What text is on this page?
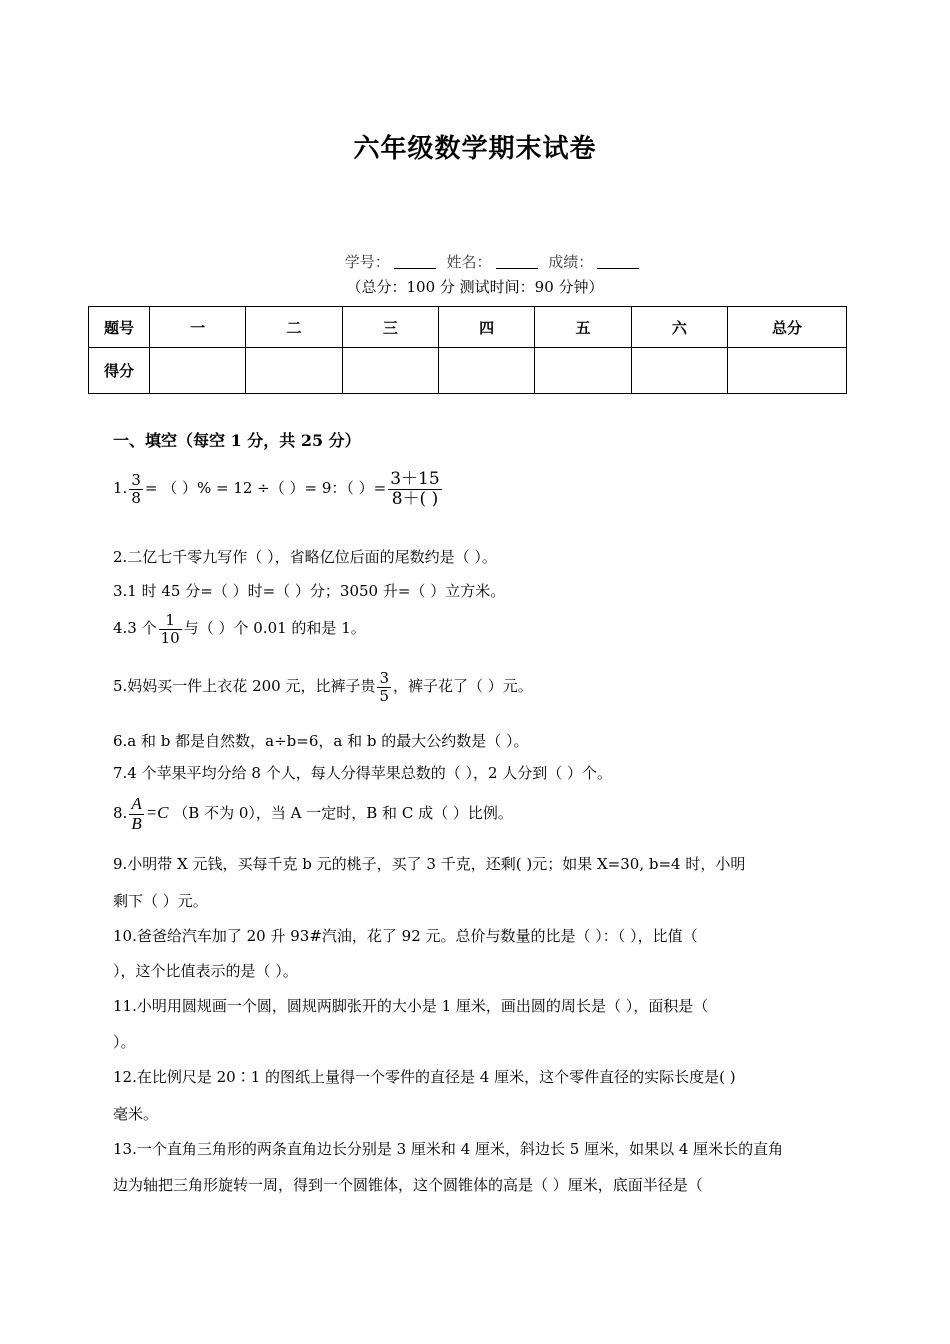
六年级数学期末试卷
学号：	姓名：	成绩：
（总分：100 分 测试时间：90 分钟）
题号	一	二	三	四	五	六	总分
得分							
一、填空（每空 1 分，共 25 分）
1. $\frac{3}{8}$ = （ ）% = 12 ÷（ ）= 9：（ ）= $\frac{3+15}{8+( )}$
2.二亿七千零九写作（ ），省略亿位后面的尾数约是（ ）。
3.1 时 45 分=（ ）时=（ ）分；3050 升=（ ）立方米。
4.3 个 $\frac{1}{10}$ 与（ ）个 0.01 的和是 1。
5.妈妈买一件上衣花 200 元，比裤子贵 $\frac{3}{5}$ ，裤子花了（ ）元。
6.a 和 b 都是自然数，a÷b=6，a 和 b 的最大公约数是（ ）。
7.4 个苹果平均分给 8 个人，每人分得苹果总数的（ ），2 人分到（ ）个。
8. $\frac{A}{B} =C$ （B 不为 0），当 A 一定时，B 和 C 成（ ）比例。
9.小明带 X 元钱，买每千克 b 元的桃子，买了 3 千克，还剩( )元；如果 X=30, b=4 时，小明
剩下（ ）元。
10.爸爸给汽车加了 20 升 93#汽油，花了 92 元。总价与数量的比是（ ）：（ ），比值（
），这个比值表示的是（ ）。
11.小明用圆规画一个圆，圆规两脚张开的大小是 1 厘米，画出圆的周长是（ ），面积是（
）。
12.在比例尺是 20∶1 的图纸上量得一个零件的直径是 4 厘米，这个零件直径的实际长度是( )
毫米。
13.一个直角三角形的两条直角边长分别是 3 厘米和 4 厘米，斜边长 5 厘米，如果以 4 厘米长的直角
边为轴把三角形旋转一周，得到一个圆锥体，这个圆锥体的高是（ ）厘米，底面半径是（
